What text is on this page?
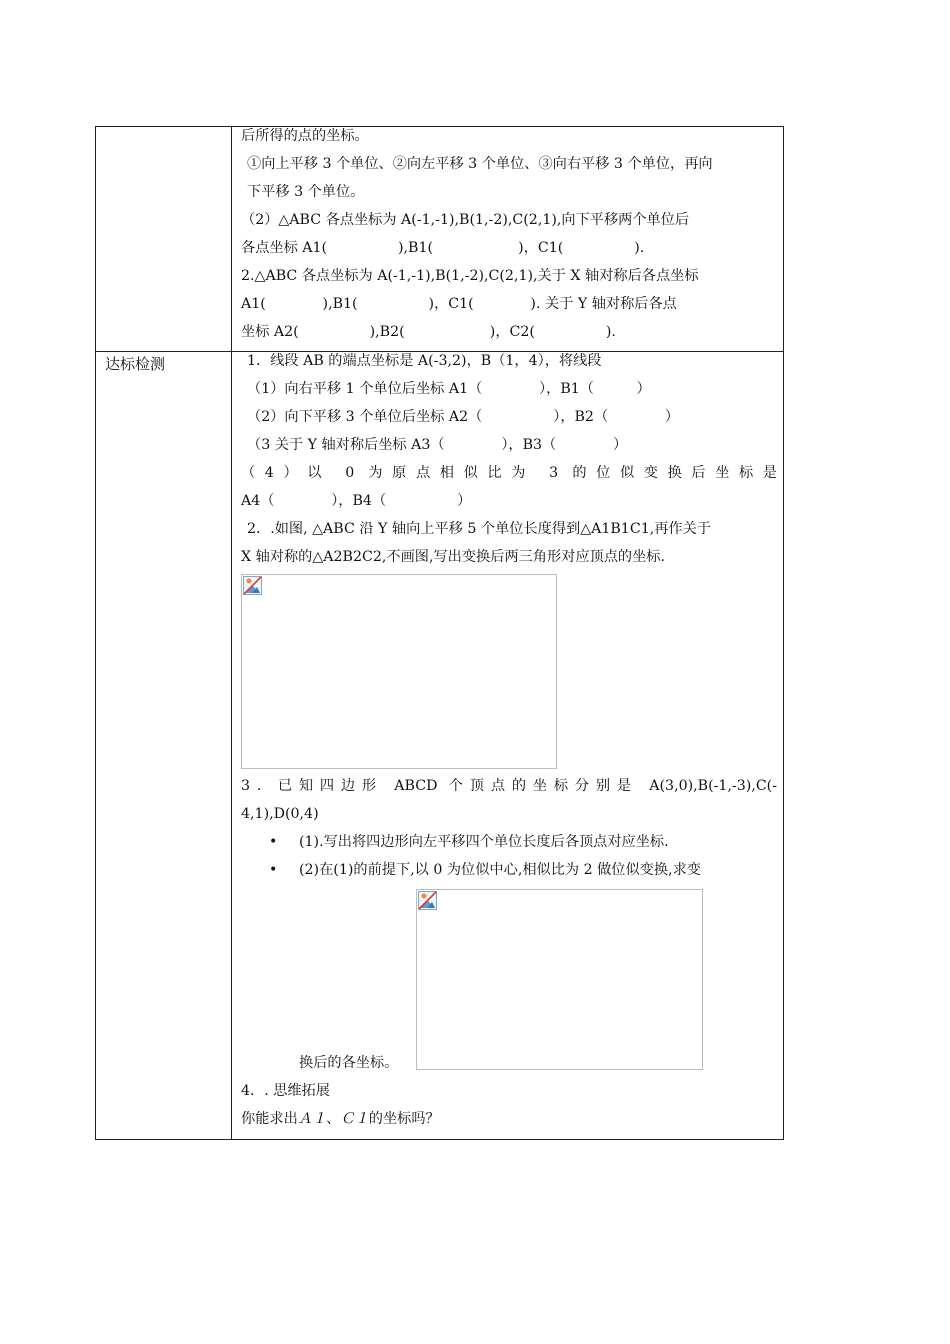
达标检测
后所得的点的坐标。
①向上平移 3 个单位、②向左平移 3 个单位、③向右平移 3 个单位，再向
下平移 3 个单位。
（2）△ABC 各点坐标为 A(-1,-1),B(1,-2),C(2,1),向下平移两个单位后
各点坐标 A1(　　　　　),B1(　　　　　　)，C1(　　　　　).
2.△ABC 各点坐标为 A(-1,-1),B(1,-2),C(2,1),关于 X 轴对称后各点坐标
A1(　　　　),B1(　　　　　)，C1(　　　　). 关于 Y 轴对称后各点
坐标 A2(　　　　　),B2(　　　　　　)，C2(　　　　　).
1．线段 AB 的端点坐标是 A(-3,2)，B（1，4），将线段
（1）向右平移 1 个单位后坐标 A1（　　　　），B1（　　　）
（2）向下平移 3 个单位后坐标 A2（　　　　　），B2（　　　　）
（3 关于 Y 轴对称后坐标 A3（　　　　），B3（　　　　）
（4）以 0 为原点相似比为 3 的位似变换后坐标是
A4（　　　　），B4（　　　　　）
2．.如图, △ABC 沿 Y 轴向上平移 5 个单位长度得到△A1B1C1,再作关于
X 轴对称的△A2B2C2,不画图,写出变换后两三角形对应顶点的坐标.
3．已知四边形 ABCD 个顶点的坐标分别是 A(3,0),B(-1,-3),C(-
4,1),D(0,4)
• (1).写出将四边形向左平移四个单位长度后各顶点对应坐标.
• (2)在(1)的前提下,以 0 为位似中心,相似比为 2 做位似变换,求变
换后的各坐标。
4．. 思维拓展
你能求出Ａ１、Ｃ１的坐标吗？
